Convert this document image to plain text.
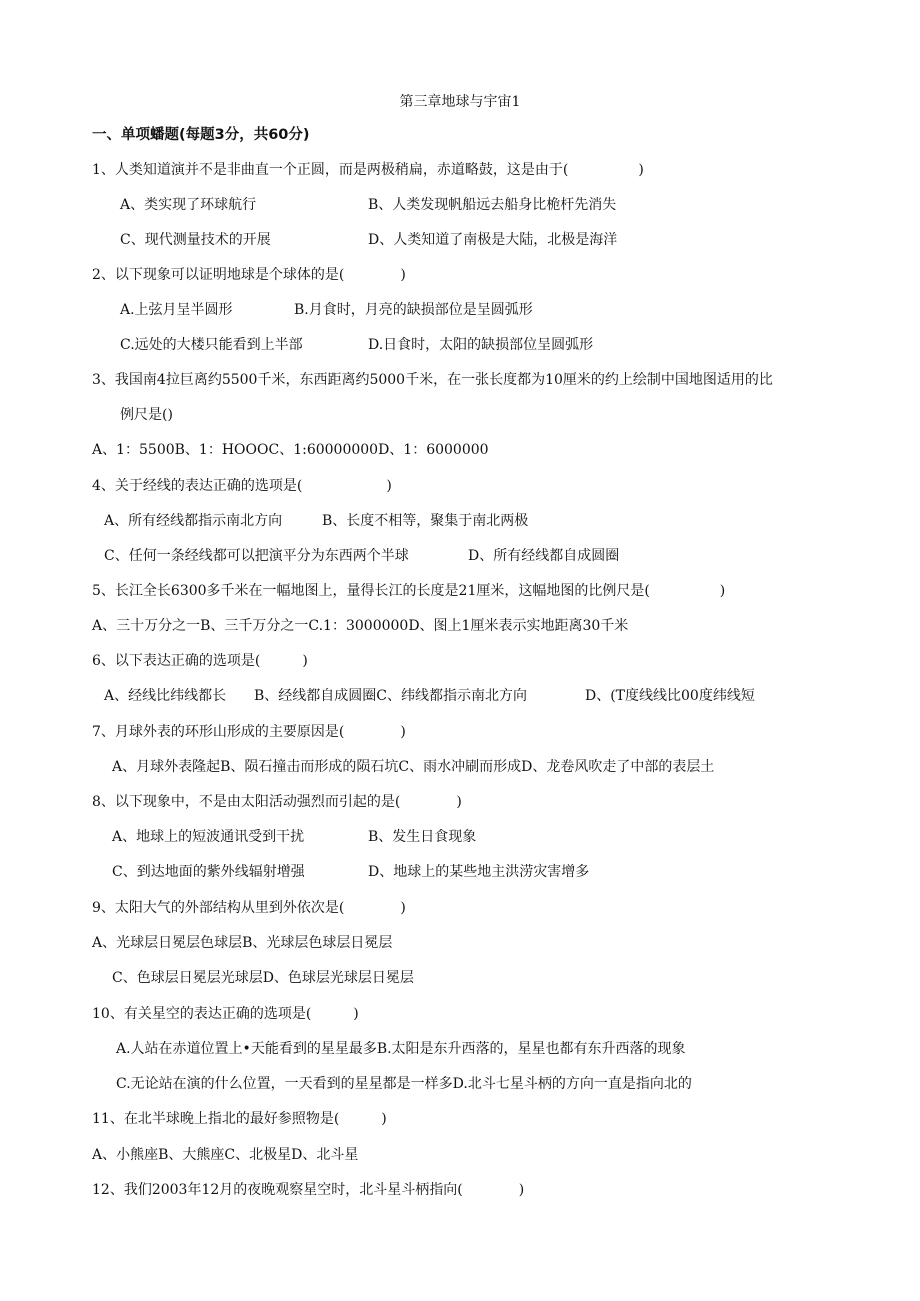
第三章地球与宇宙1
一、单项蟠题(每题3分，共60分)
1、人类知道演并不是非曲直一个正圆，而是两极稍扁，赤道略鼓，这是由于(　　　　　)
A、类实现了环球航行	B、人类发现帆船远去船身比桅杆先消失
C、现代测量技术的开展	D、人类知道了南极是大陆，北极是海洋
2、以下现象可以证明地球是个球体的是(　　　　)
A.上弦月呈半圆形	B.月食时，月亮的缺损部位是呈圆弧形
C.远处的大楼只能看到上半部	D.日食时，太阳的缺损部位呈圆弧形
3、我国南4拉巨离约5500千米，东西距离约5000千米，在一张长度都为10厘米的约上绘制中国地图适用的比
例尺是()
A、1：5500B、1：HOOOC、1:60000000D、1：6000000
4、关于经线的表达正确的选项是(　　　　　　)
A、所有经线都指示南北方向	B、长度不相等，聚集于南北两极
C、任何一条经线都可以把演平分为东西两个半球	D、所有经线都自成圆圈
5、长江全长6300多千米在一幅地图上，量得长江的长度是21厘米，这幅地图的比例尺是(　　　　　)
A、三十万分之一B、三千万分之一C.1：3000000D、图上1厘米表示实地距离30千米
6、以下表达正确的选项是(　　　)
A、经线比纬线都长 B、经线都自成圆圈C、纬线都指示南北方向	D、(T度线线比00度纬线短
7、月球外表的环形山形成的主要原因是(　　　　)
A、月球外表隆起B、陨石撞击而形成的陨石坑C、雨水冲刷而形成D、龙卷风吹走了中部的表层土
8、以下现象中，不是由太阳活动强烈而引起的是(　　　　)
A、地球上的短波通讯受到干扰	B、发生日食现象
C、到达地面的紫外线辐射增强	D、地球上的某些地主洪涝灾害增多
9、太阳大气的外部结构从里到外依次是(　　　　)
A、光球层日冕层色球层B、光球层色球层日冕层
C、色球层日冕层光球层D、色球层光球层日冕层
10、有关星空的表达正确的选项是(　　　)
A.人站在赤道位置上•天能看到的星星最多B.太阳是东升西落的，星星也都有东升西落的现象
C.无论站在演的什么位置，一天看到的星星都是一样多D.北斗七星斗柄的方向一直是指向北的
11、在北半球晚上指北的最好参照物是(　　　)
A、小熊座B、大熊座C、北极星D、北斗星
12、我们2003年12月的夜晚观察星空时，北斗星斗柄指向(　　　　)
